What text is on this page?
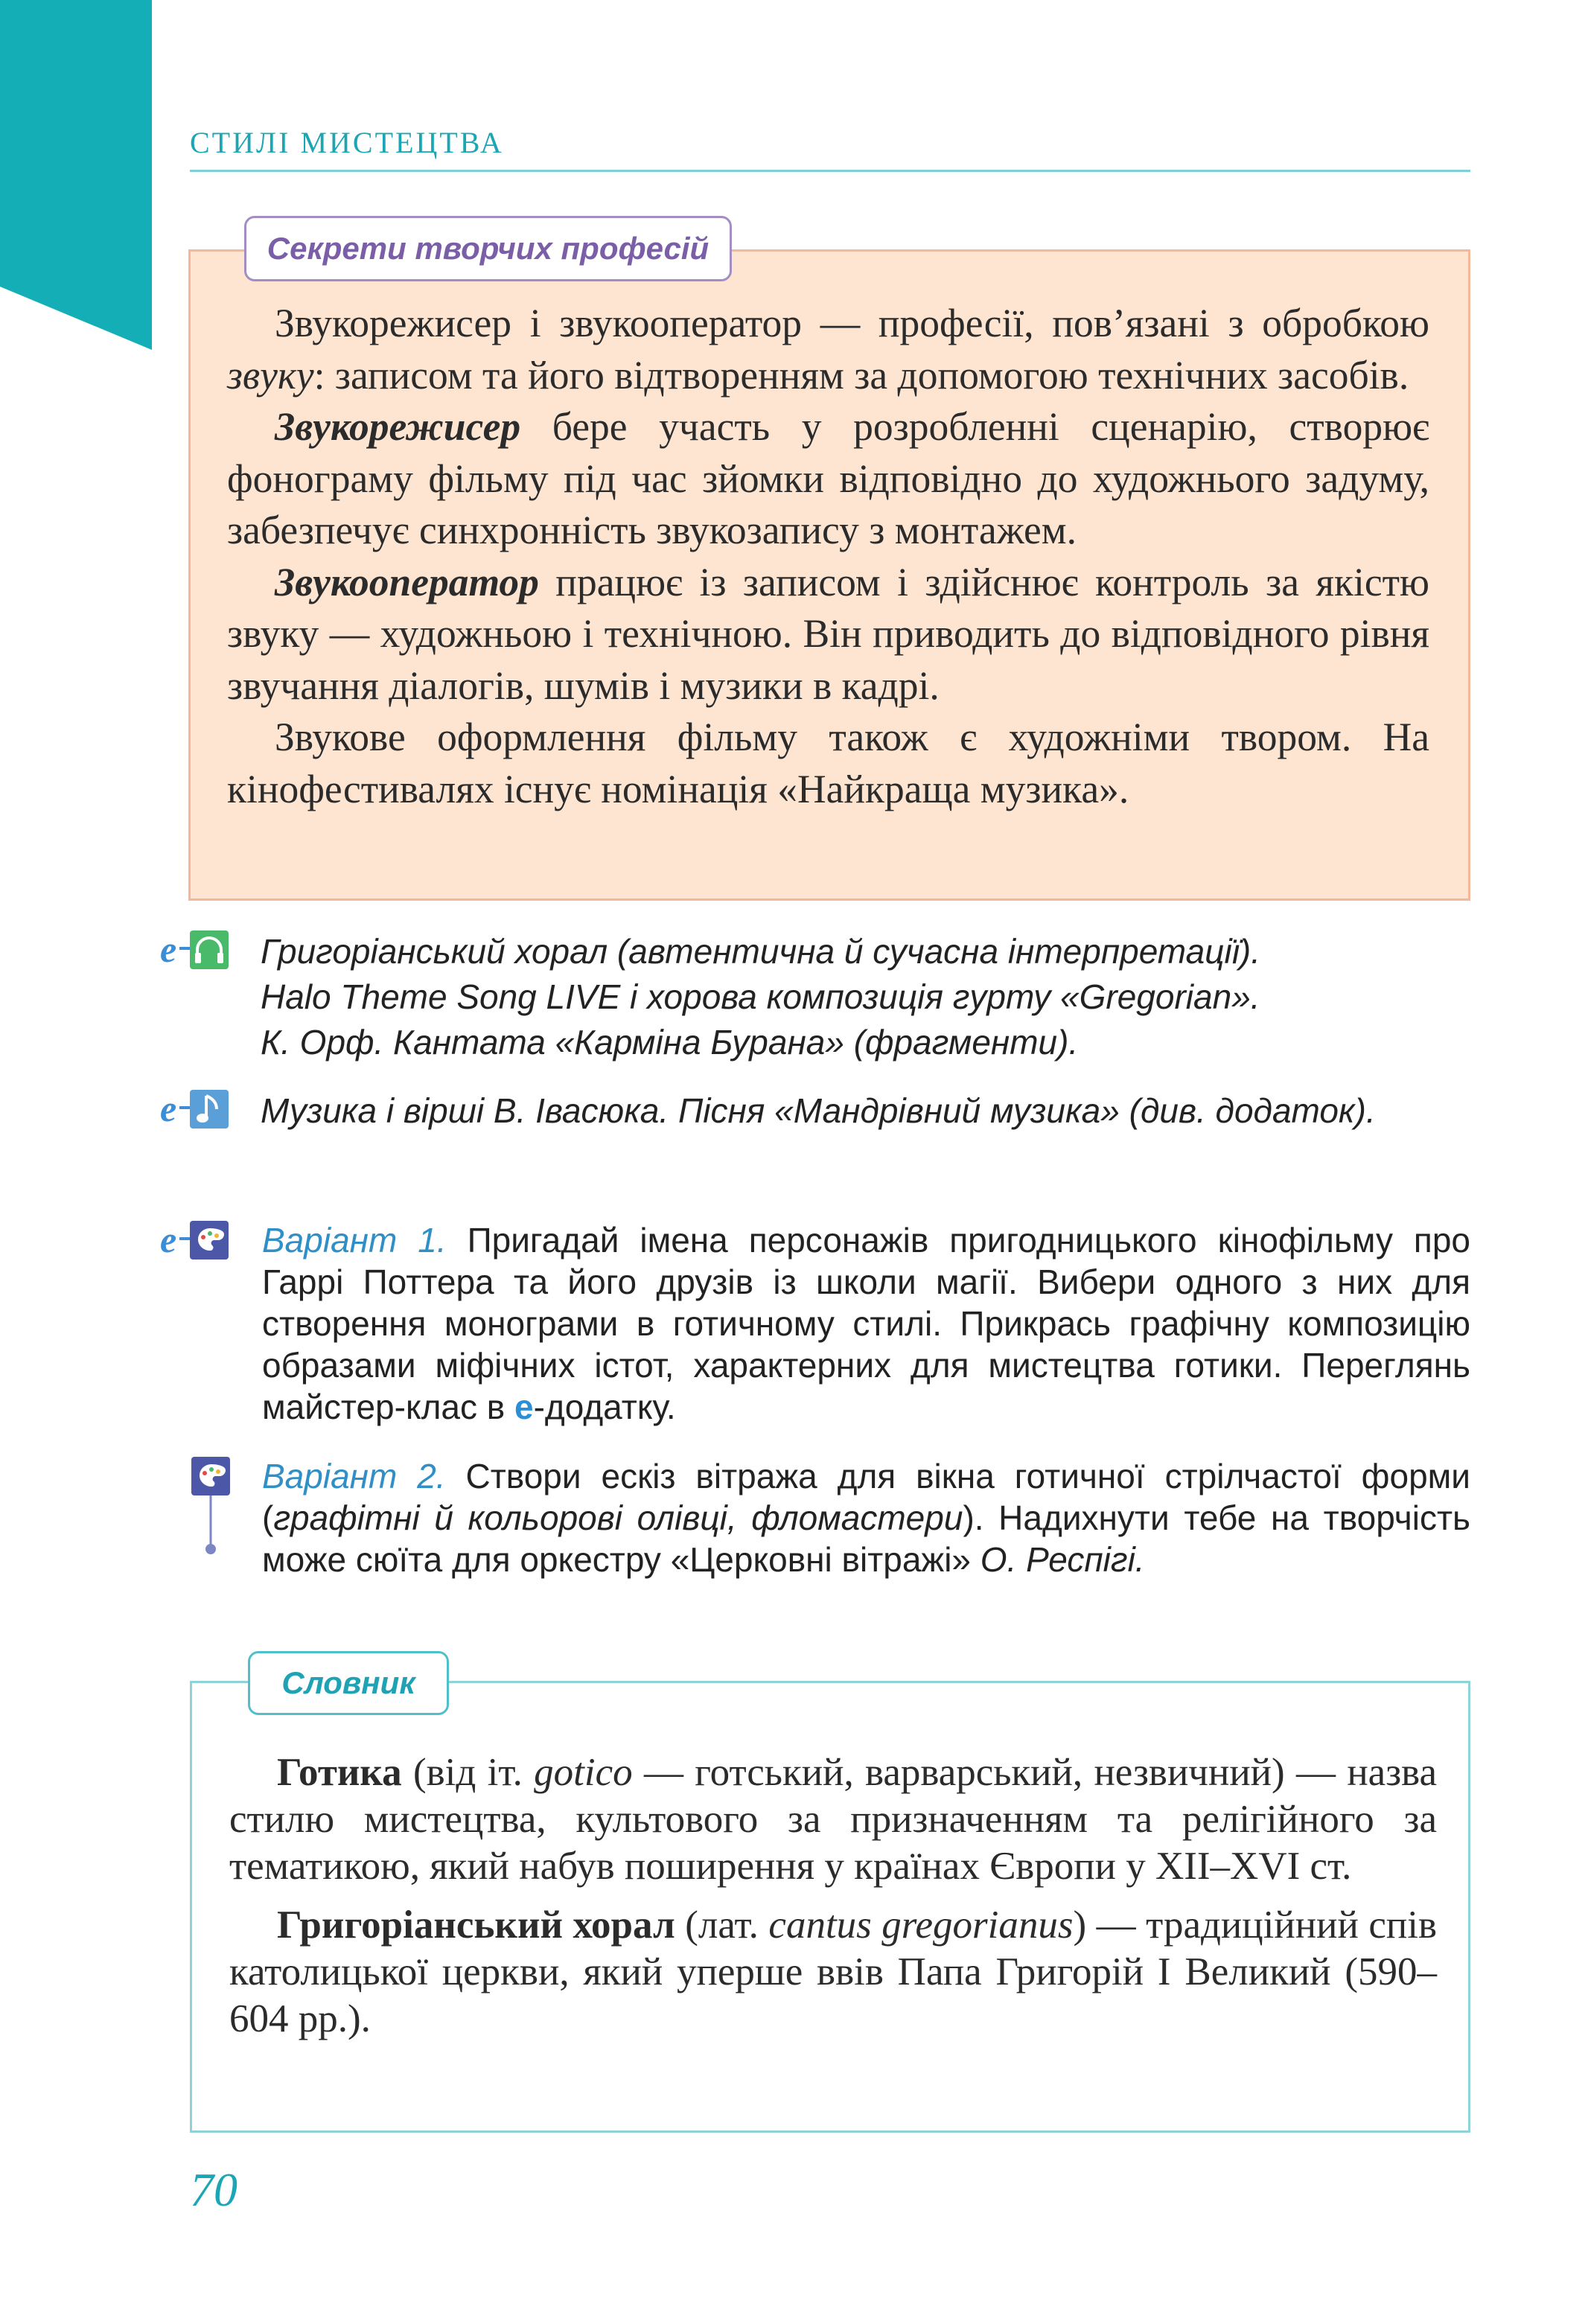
СТИЛІ МИСТЕЦТВА
Секрети творчих професій

Звукорежисер і звукооператор — професії, пов’язані з обробкою звуку: записом та його відтворенням за допомогою технічних засобів.

Звукорежисер бере участь у розробленні сценарію, створює фонограму фільму під час зйомки відповідно до художнього задуму, забезпечує синхронність звукозапису з монтажем.

Звукооператор працює із записом і здійснює контроль за якістю звуку — художньою і технічною. Він приводить до відповідного рівня звучання діалогів, шумів і музики в кадрі.

Звукове оформлення фільму також є художніми твором. На кінофестивалях існує номінація «Найкраща музика».

e Григоріанський хорал (автентична й сучасна інтерпретації).
Halo Theme Song LIVE і хорова композиція гурту «Gregorian».
К. Орф. Кантата «Карміна Бурана» (фрагменти).
e Музика і вірші В. Івасюка. Пісня «Мандрівний музика» (див. додаток).
e Варіант 1. Пригадай імена персонажів пригодницького кінофільму про Гаррі Поттера та його друзів із школи магії. Вибери одного з них для створення монограми в готичному стилі. Прикрась графічну композицію образами міфічних істот, характерних для мистецтва готики. Переглянь майстер-клас в е-додатку.

Варіант 2. Створи ескіз вітража для вікна готичної стрілчастої форми (графітні й кольорові олівці, фломастери). Надихнути тебе на творчість може сюїта для оркестру «Церковні вітражі» О. Респігі.

Словник

Готика (від іт. gotico — готський, варварський, незвичний) — назва стилю мистецтва, культового за призначенням та релігійного за тематикою, який набув поширення у країнах Європи у XII–XVI ст.

Григоріанський хорал (лат. cantus gregorianus) — традиційний спів католицької церкви, який уперше ввів Папа Григорій I Великий (590–604 рр.).

70
